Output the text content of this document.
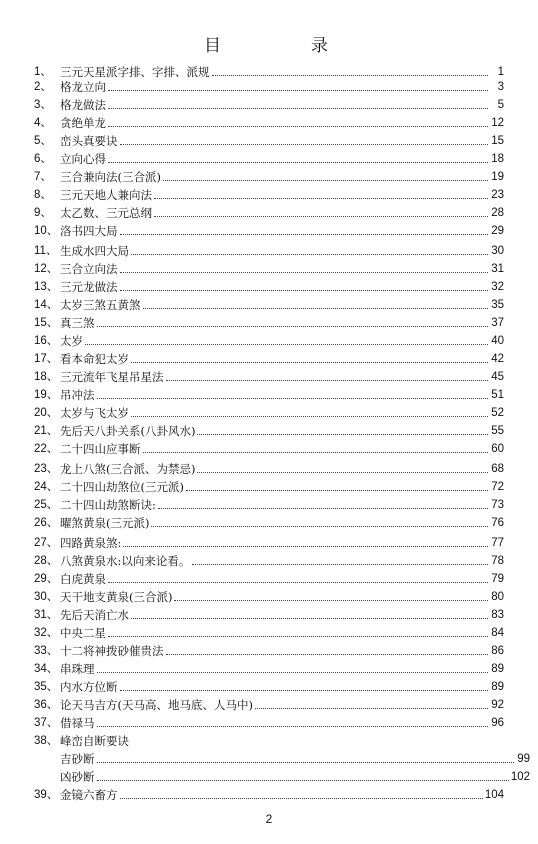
目	录
1、 三元天星派字排、字排、派规	1
2、 格龙立向	3
3、 格龙做法	5
4、 贪绝单龙	12
5、 峦头真要诀	15
6、 立向心得	18
7、 三合兼向法(三合派)	19
8、 三元天地人兼向法	23
9、 太乙数、三元总纲	28
10、 洛书四大局	29
11、 生成水四大局	30
12、 三合立向法	31
13、 三元龙做法	32
14、 太岁三煞五黄煞	35
15、 真三煞	37
16、 太岁	40
17、 看本命犯太岁	42
18、 三元流年飞星吊星法	45
19、 吊冲法	51
20、 太岁与飞太岁	52
21、 先后天八卦关系(八卦风水)	55
22、 二十四山应事断	60
23、 龙上八煞(三合派、为禁忌)	68
24、 二十四山劫煞位(三元派)	72
25、 二十四山劫煞断诀:	73
26、 曜煞黄泉(三元派)	76
27、 四路黄泉煞:	77
28、 八煞黄泉水:以向来论看。	78
29、 白虎黄泉	79
30、 天干地支黄泉(三合派)	80
31、 先后天消亡水	83
32、 中央二星	84
33、 十二将神拨砂催贵法	86
34、 串珠理	89
35、 内水方位断	89
36、 论天马吉方(天马高、地马底、人马中)	92
37、 借禄马	96
38、 峰峦自断要诀
吉砂断	99
凶砂断	102
39、 金镜六畜方	104
2
